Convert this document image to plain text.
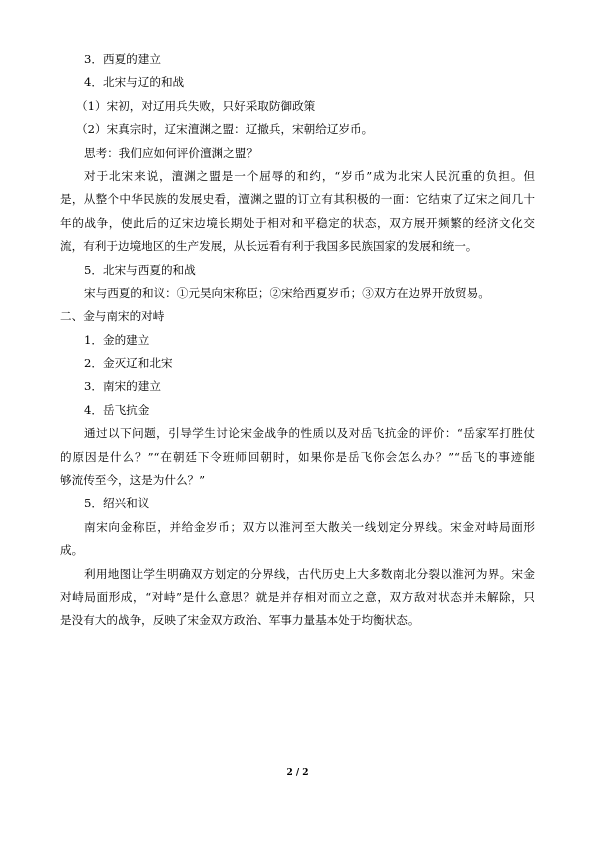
3．西夏的建立
4．北宋与辽的和战
（1）宋初，对辽用兵失败，只好采取防御政策
（2）宋真宗时，辽宋澶渊之盟：辽撤兵，宋朝给辽岁币。
思考：我们应如何评价澶渊之盟？
对于北宋来说，澶渊之盟是一个屈辱的和约，“岁币”成为北宋人民沉重的负担。但
是，从整个中华民族的发展史看，澶渊之盟的订立有其积极的一面：它结束了辽宋之间几十
年的战争，使此后的辽宋边境长期处于相对和平稳定的状态，双方展开频繁的经济文化交
流，有利于边境地区的生产发展，从长远看有利于我国多民族国家的发展和统一。
5．北宋与西夏的和战
宋与西夏的和议：①元昊向宋称臣；②宋给西夏岁币；③双方在边界开放贸易。
二、金与南宋的对峙
1．金的建立
2．金灭辽和北宋
3．南宋的建立
4．岳飞抗金
通过以下问题，引导学生讨论宋金战争的性质以及对岳飞抗金的评价：“岳家军打胜仗
的原因是什么？”“在朝廷下令班师回朝时，如果你是岳飞你会怎么办？”“岳飞的事迹能
够流传至今，这是为什么？”
5．绍兴和议
南宋向金称臣，并给金岁币；双方以淮河至大散关一线划定分界线。宋金对峙局面形
成。
利用地图让学生明确双方划定的分界线，古代历史上大多数南北分裂以淮河为界。宋金
对峙局面形成，“对峙”是什么意思？就是并存相对而立之意，双方敌对状态并未解除，只
是没有大的战争，反映了宋金双方政治、军事力量基本处于均衡状态。
2 / 2
